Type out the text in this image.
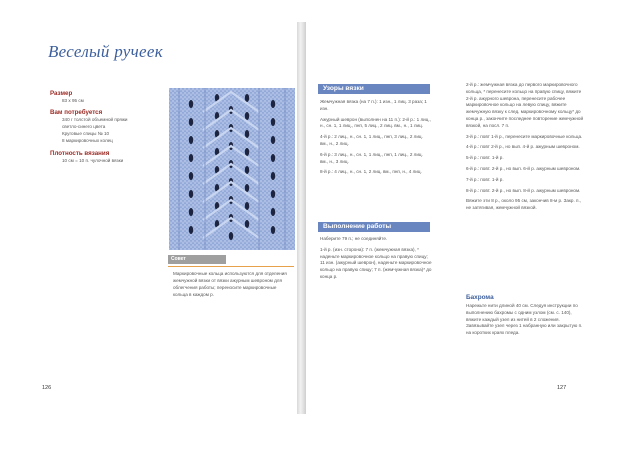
Веселый ручеек
Размер
83 x 95 см
Вам потребуется
340 г толстой объемной пряжи
светло-синего цвета
Круговые спицы № 10
8 маркировочных колец
Плотность вязания
10 см = 10 п. чулочной вязки
Совет
Маркировочные кольца используются для отделения жемчужной вязки от вязки ажурным шевроном для облегчения работы; переносите маркировочные кольца в каждом р.
126
Узоры вязки

Жемчужная вязка (на 7 п.): 1 изн., 1 лиц. 3 раза; 1 изн.

Ажурный шеврон (выполнен на 11 п.): 2-й р.: 1 лиц., н., сн. 1, 1 лиц., пнп, 5 лиц., 2 лиц. вм., н., 1 лиц.

4-й р.: 2 лиц., н., сн. 1, 1 лиц., пнп, 3 лиц., 2 лиц. вм., н., 2 лиц.

6-й р.: 3 лиц., н., сн. 1, 1 лиц., пнп, 1 лиц., 2 лиц. вм., н., 3 лиц.

8-й р.: 4 лиц., н., сн. 1, 2 лиц. вм., пнп, н., 4 лиц.

Выполнение работы

Наберите 79 п.; не соединяйте.

1-й р. (изн. сторона): 7 п. (жемчужная вязка), * наденьте маркировочное кольцо на правую спицу; 11 изн. (ажурный шеврон), наденьте маркировочное кольцо на правую спицу; 7 п. (жемчужная вязка)* до конца р.

2-й р.: жемчужная вязка до первого маркировочного кольца, * перенесите кольцо на правую спицу, вяжите 2-й р. ажурного шеврона, перенесите рабочее маркировочное кольцо на левую спицу, вяжите жемчужную вязку к след. маркировочному кольцу* до конца р., закончите последнее повторение жемчужной вязкой, на посл. 7 п.

3-й р.: повт 1-й р., перенесите маркировочные кольца.

4-й р.: повт 2-й р., но вып. 4-й р. ажурным шевроном.

5-й р.: повт. 1-й р.

6-й р.: повт. 2-й р., но вып. 6-й р. ажурным шевроном.

7-й р.: повт. 1-й р.

8-й р.: повт. 2-й р., но вып. 8-й р. ажурным шевроном.

Вяжите эти 8 р., около 95 см, закончив 8-м р. Закр. п., не затягивая, жемчужной вязкой.

Бахрома
Нарежьте нити длиной 40 см. Следуя инструкции по выполнению бахромы с одним узлом (см. с. 140), вяжите каждый узел из нитей в 2 сложения. Завязывайте узел через 1 набранную или закрытую п. на коротких краях пледа.
127
